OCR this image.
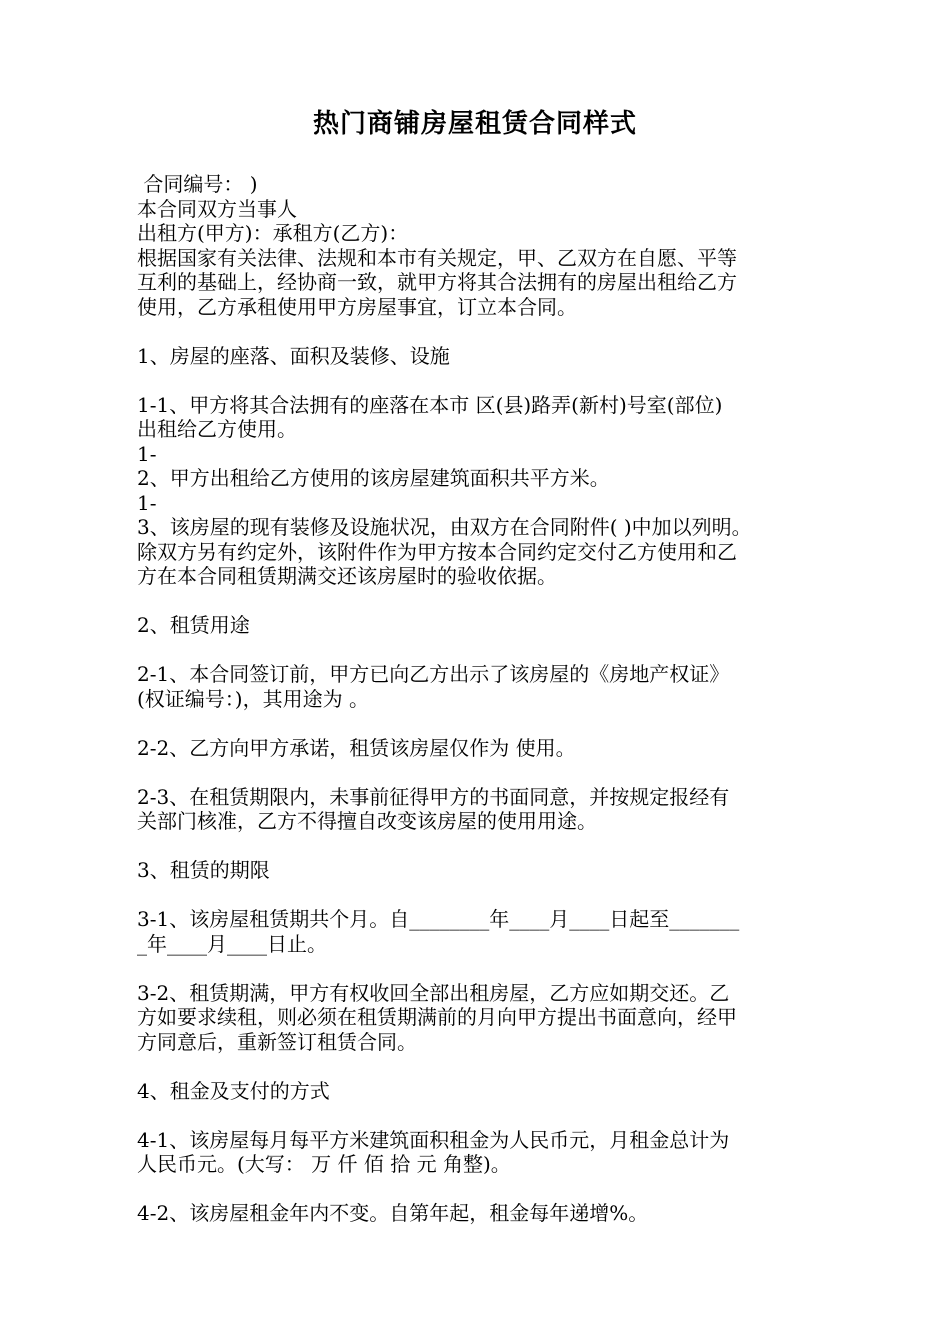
热门商铺房屋租赁合同样式
合同编号： )
本合同双方当事人
出租方(甲方)：承租方(乙方)：
根据国家有关法律、法规和本市有关规定，甲、乙双方在自愿、平等
互利的基础上，经协商一致，就甲方将其合法拥有的房屋出租给乙方
使用，乙方承租使用甲方房屋事宜，订立本合同。
1、房屋的座落、面积及装修、设施
1-1、甲方将其合法拥有的座落在本市 区(县)路弄(新村)号室(部位)
出租给乙方使用。
1-
2、甲方出租给乙方使用的该房屋建筑面积共平方米。
1-
3、该房屋的现有装修及设施状况，由双方在合同附件( )中加以列明。
除双方另有约定外，该附件作为甲方按本合同约定交付乙方使用和乙
方在本合同租赁期满交还该房屋时的验收依据。
2、租赁用途
2-1、本合同签订前，甲方已向乙方出示了该房屋的《房地产权证》
(权证编号：)，其用途为 。
2-2、乙方向甲方承诺，租赁该房屋仅作为 使用。
2-3、在租赁期限内，未事前征得甲方的书面同意，并按规定报经有
关部门核准，乙方不得擅自改变该房屋的使用用途。
3、租赁的期限
3-1、该房屋租赁期共个月。自________年____月____日起至_______
_年____月____日止。
3-2、租赁期满，甲方有权收回全部出租房屋，乙方应如期交还。乙
方如要求续租，则必须在租赁期满前的月向甲方提出书面意向，经甲
方同意后，重新签订租赁合同。
4、租金及支付的方式
4-1、该房屋每月每平方米建筑面积租金为人民币元，月租金总计为
人民币元。(大写： 万 仟 佰 拾 元 角整)。
4-2、该房屋租金年内不变。自第年起，租金每年递增%。
